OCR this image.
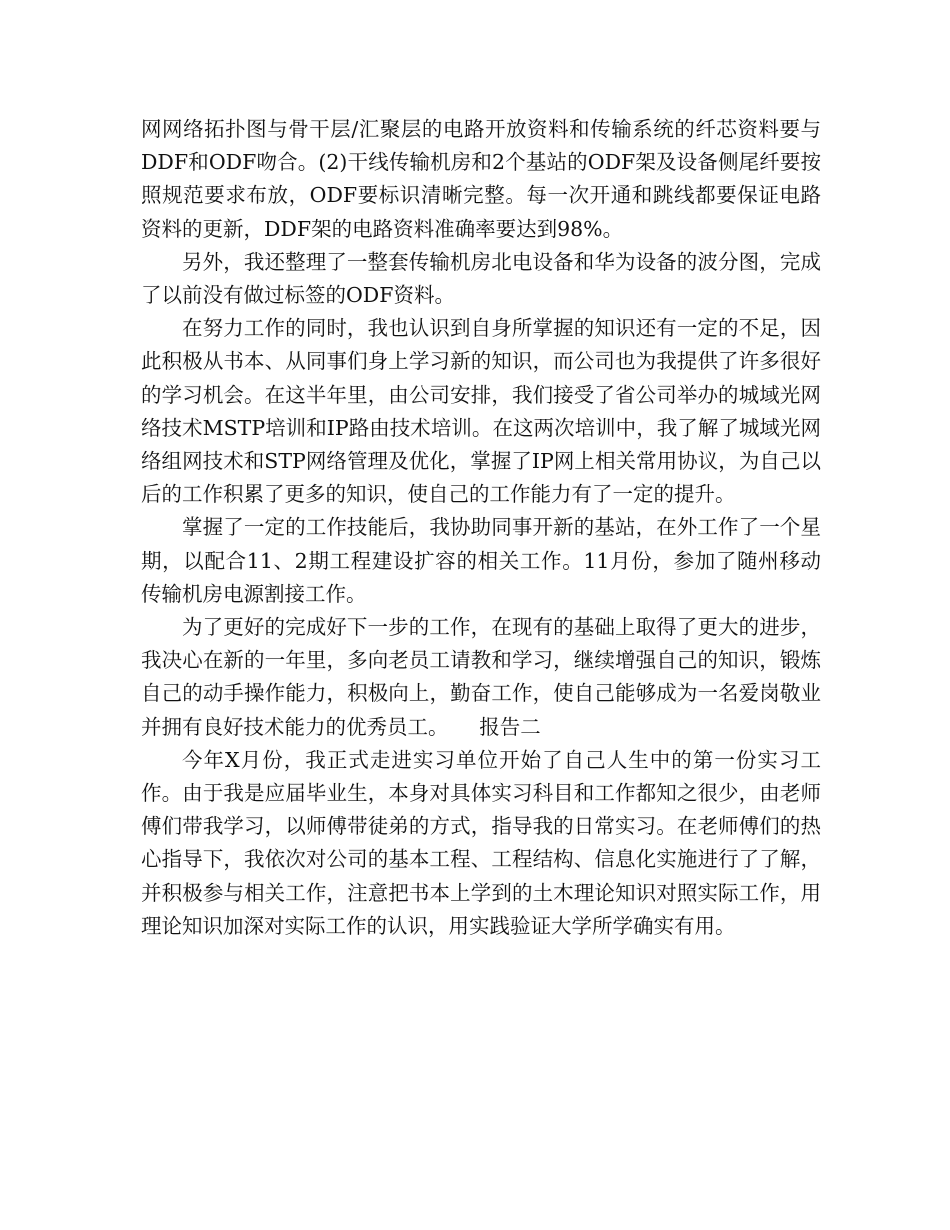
网网络拓扑图与骨干层/汇聚层的电路开放资料和传输系统的纤芯资料要与DDF和ODF吻合。(2)干线传输机房和2个基站的ODF架及设备侧尾纤要按照规范要求布放，ODF要标识清晰完整。每一次开通和跳线都要保证电路资料的更新，DDF架的电路资料准确率要达到98%。

另外，我还整理了一整套传输机房北电设备和华为设备的波分图，完成了以前没有做过标签的ODF资料。

在努力工作的同时，我也认识到自身所掌握的知识还有一定的不足，因此积极从书本、从同事们身上学习新的知识，而公司也为我提供了许多很好的学习机会。在这半年里，由公司安排，我们接受了省公司举办的城域光网络技术MSTP培训和IP路由技术培训。在这两次培训中，我了解了城域光网络组网技术和STP网络管理及优化，掌握了IP网上相关常用协议，为自己以后的工作积累了更多的知识，使自己的工作能力有了一定的提升。

掌握了一定的工作技能后，我协助同事开新的基站，在外工作了一个星期，以配合11、2期工程建设扩容的相关工作。11月份，参加了随州移动传输机房电源割接工作。

为了更好的完成好下一步的工作，在现有的基础上取得了更大的进步，我决心在新的一年里，多向老员工请教和学习，继续增强自己的知识，锻炼自己的动手操作能力，积极向上，勤奋工作，使自己能够成为一名爱岗敬业并拥有良好技术能力的优秀员工。　　报告二

今年X月份，我正式走进实习单位开始了自己人生中的第一份实习工作。由于我是应届毕业生，本身对具体实习科目和工作都知之很少，由老师傅们带我学习，以师傅带徒弟的方式，指导我的日常实习。在老师傅们的热心指导下，我依次对公司的基本工程、工程结构、信息化实施进行了了解，并积极参与相关工作，注意把书本上学到的土木理论知识对照实际工作，用理论知识加深对实际工作的认识，用实践验证大学所学确实有用。
